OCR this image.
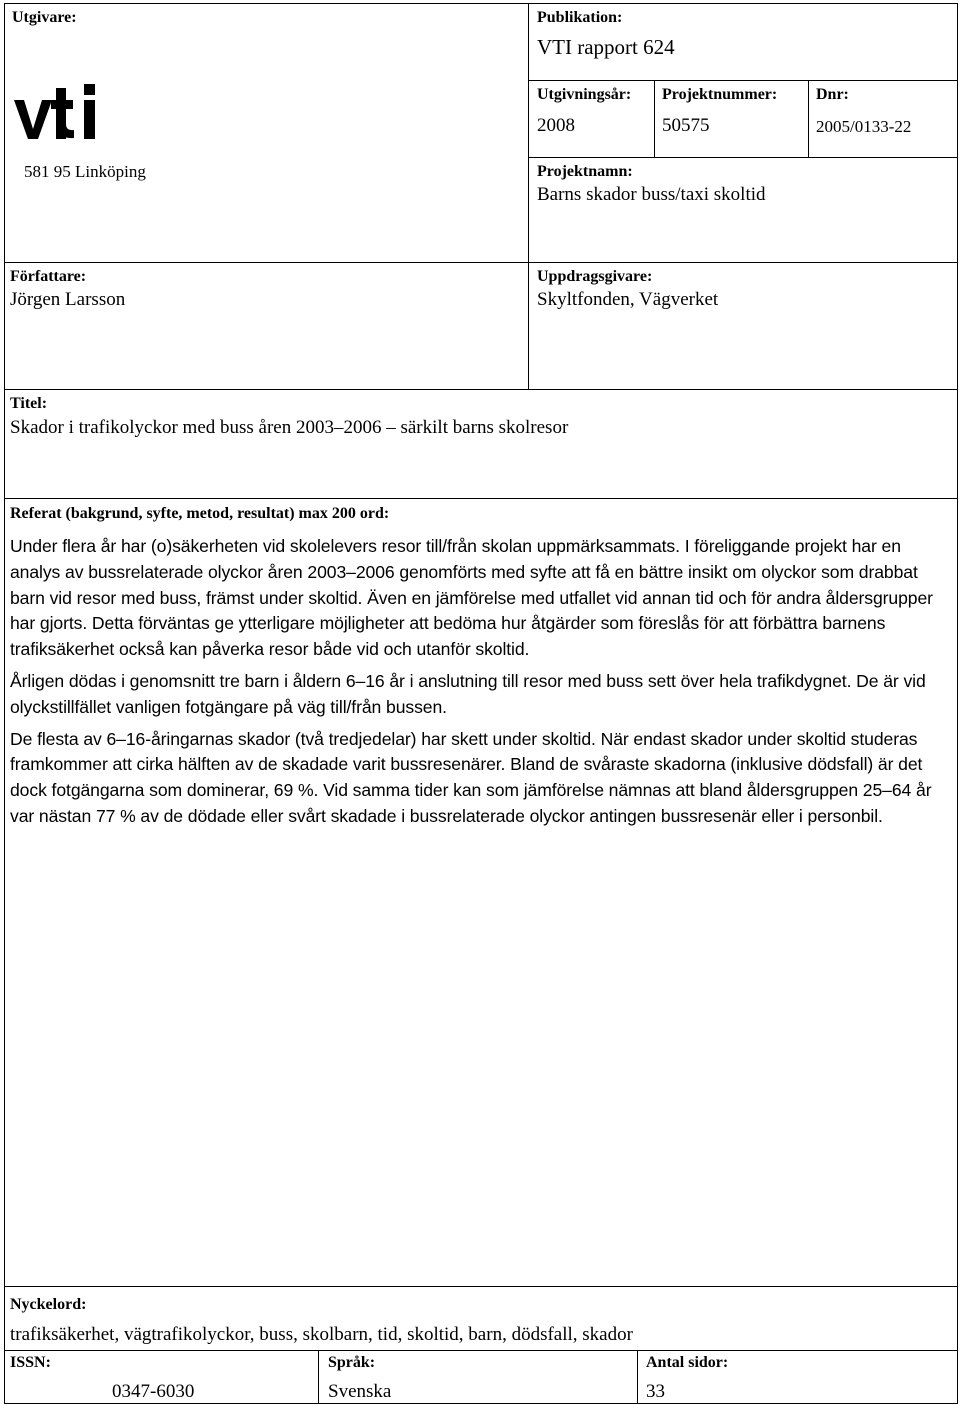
Utgivare:
581 95 Linköping
Publikation:
VTI rapport 624
Utgivningsår:
2008
Projektnummer:
50575
Dnr:
2005/0133-22
Projektnamn:
Barns skador buss/taxi skoltid
Författare:
Jörgen Larsson
Uppdragsgivare:
Skyltfonden, Vägverket
Titel:
Skador i trafikolyckor med buss åren 2003–2006 – särkilt barns skolresor
Referat (bakgrund, syfte, metod, resultat) max 200 ord:

Under flera år har (o)säkerheten vid skolelevers resor till/från skolan uppmärksammats. I föreliggande projekt har en analys av bussrelaterade olyckor åren 2003–2006 genomförts med syfte att få en bättre insikt om olyckor som drabbat barn vid resor med buss, främst under skoltid. Även en jämförelse med utfallet vid annan tid och för andra åldersgrupper har gjorts. Detta förväntas ge ytterligare möjligheter att bedöma hur åtgärder som föreslås för att förbättra barnens trafiksäkerhet också kan påverka resor både vid och utanför skoltid.

Årligen dödas i genomsnitt tre barn i åldern 6–16 år i anslutning till resor med buss sett över hela trafikdygnet. De är vid olyckstillfället vanligen fotgängare på väg till/från bussen.

De flesta av 6–16-åringarnas skador (två tredjedelar) har skett under skoltid. När endast skador under skoltid studeras framkommer att cirka hälften av de skadade varit bussresenärer. Bland de svåraste skadorna (inklusive dödsfall) är det dock fotgängarna som dominerar, 69 %. Vid samma tider kan som jämförelse nämnas att bland åldersgruppen 25–64 år var nästan 77 % av de dödade eller svårt skadade i bussrelaterade olyckor antingen bussresenär eller i personbil.

Nyckelord:
trafiksäkerhet, vägtrafikolyckor, buss, skolbarn, tid, skoltid, barn, dödsfall, skador
ISSN:
0347-6030
Språk:
Svenska
Antal sidor:
33
